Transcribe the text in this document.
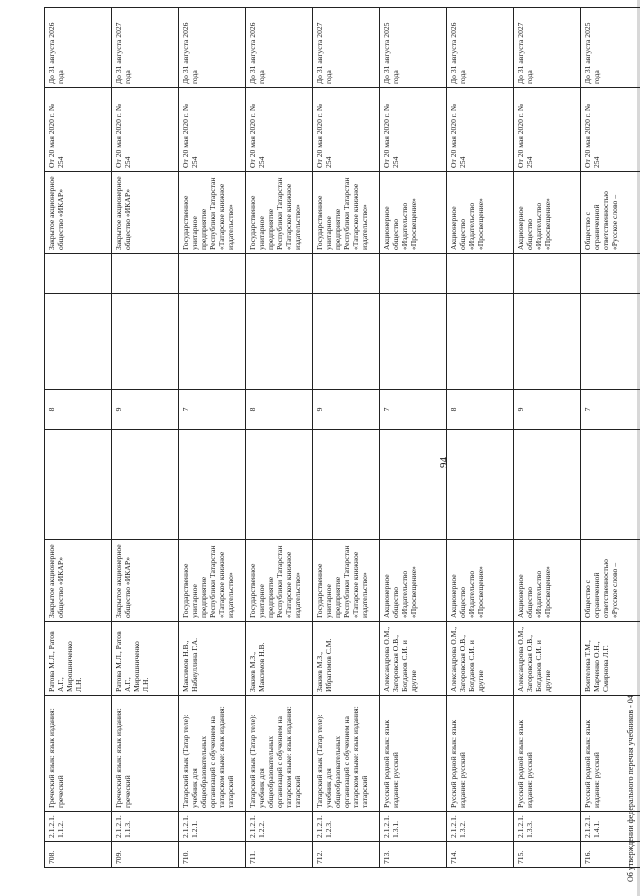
94
708.	2.1.2.1.1.1.2.	Греческий язык: язык издания: греческий	Ратова М.Л., Ратов А.Г., Мирошниченко Л.Н.	Закрытое акционерное общество «ИКАР»		8			Закрытое акционерное общество «ИКАР»	От 20 мая 2020 г. № 254	До 31 августа 2026 года
709.	2.1.2.1.1.1.3.	Греческий язык: язык издания: греческий	Ратова М.Л., Ратов А.Г., Мирошниченко Л.Н.	Закрытое акционерное общество «ИКАР»		9			Закрытое акционерное общество «ИКАР»	От 20 мая 2020 г. № 254	До 31 августа 2027 года
710.	2.1.2.1.1.2.1.	Татарский язык (Татар теле): учебник для общеобразовательных организаций с обучением на татарском языке: язык издания: татарский	Максимов Н.В., Набиуллина Г.А.	Государственное унитарное предприятие Республики Татарстан «Татарское книжное издательство»		7			Государственное унитарное предприятие Республики Татарстан «Татарское книжное издательство»	От 20 мая 2020 г. № 254	До 31 августа 2026 года
711.	2.1.2.1.1.2.2.	Татарский язык (Татар теле): учебник для общеобразовательных организаций с обучением на татарском языке: язык издания: татарский	Закиев М.З., Максимов Н.В.	Государственное унитарное предприятие Республики Татарстан «Татарское книжное издательство»		8			Государственное унитарное предприятие Республики Татарстан «Татарское книжное издательство»	От 20 мая 2020 г. № 254	До 31 августа 2026 года
712.	2.1.2.1.1.2.3.	Татарский язык (Татар теле): учебник для общеобразовательных организаций с обучением на татарском языке: язык издания: татарский	Закиев М.З., Ибрагимов С.М.	Государственное унитарное предприятие Республики Татарстан «Татарское книжное издательство»		9			Государственное унитарное предприятие Республики Татарстан «Татарское книжное издательство»	От 20 мая 2020 г. № 254	До 31 августа 2027 года
713.	2.1.2.1.1.3.1.	Русский родной язык: язык издания: русский	Александрова О.М., Загоровская О.В., Богданов С.И. и другие	Акционерное общество «Издательство «Просвещение»		7			Акционерное общество «Издательство «Просвещение»	От 20 мая 2020 г. № 254	До 31 августа 2025 года
714.	2.1.2.1.1.3.2.	Русский родной язык: язык издания: русский	Александрова О.М., Загоровская О.В., Богданов С.И. и другие	Акционерное общество «Издательство «Просвещение»		8			Акционерное общество «Издательство «Просвещение»	От 20 мая 2020 г. № 254	До 31 августа 2026 года
715.	2.1.2.1.1.3.3.	Русский родной язык: язык издания: русский	Александрова О.М., Загоровская О.В., Богданов С.И. и другие	Акционерное общество «Издательство «Просвещение»		9			Акционерное общество «Издательство «Просвещение»	От 20 мая 2020 г. № 254	До 31 августа 2027 года
716.	2.1.2.1.1.4.1.	Русский родной язык: язык издания: русский	Воителева Т.М., Марченко О.Н., Смирнова Л.Г.	Общество с ограниченной ответственностью «Русское слово –		7			Общество с ограниченной ответственностью «Русское слово –	От 20 мая 2020 г. № 254	До 31 августа 2025 года
Об утверждении федерального перечня учебников - 04
